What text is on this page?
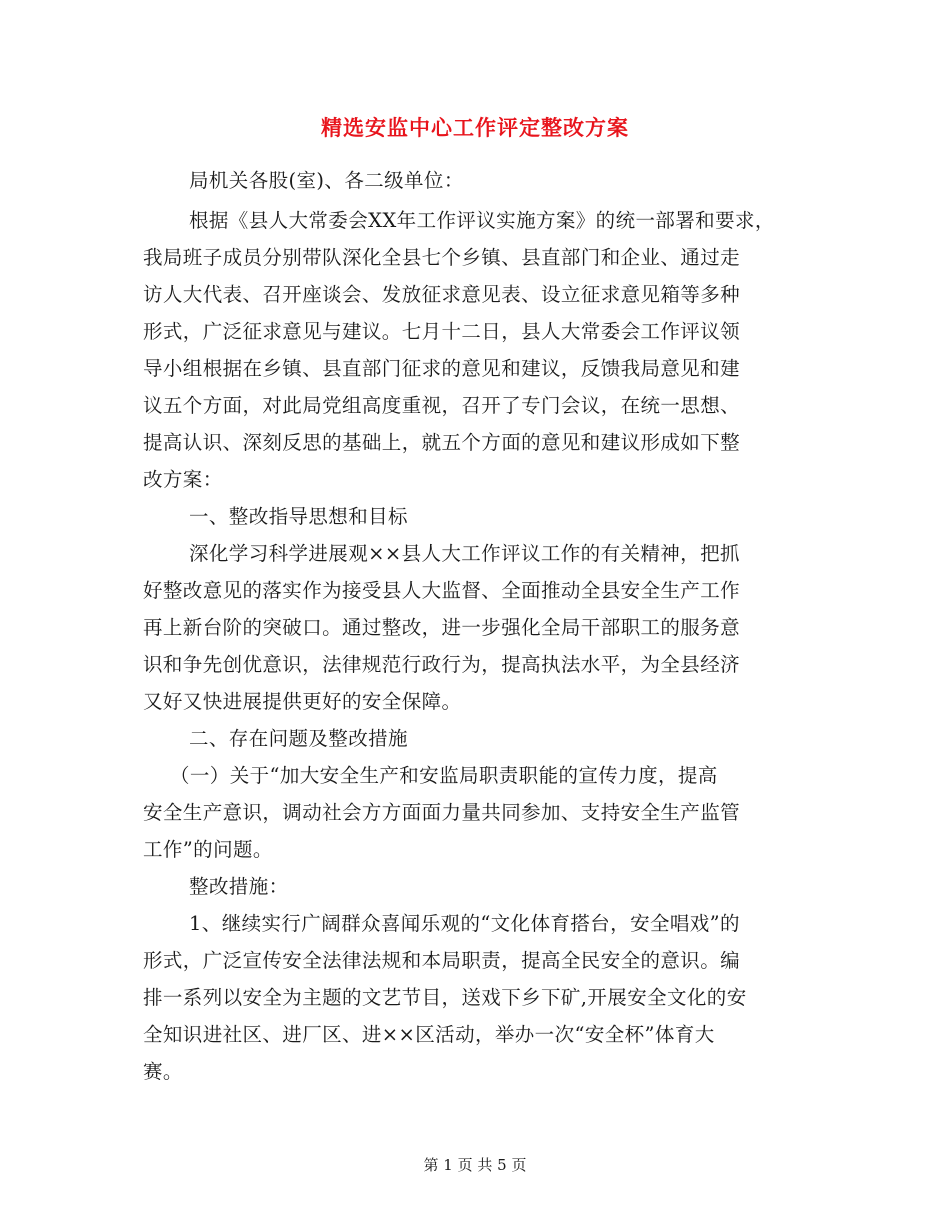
精选安监中心工作评定整改方案
局机关各股(室)、各二级单位：
根据《县人大常委会XX年工作评议实施方案》的统一部署和要求，
我局班子成员分别带队深化全县七个乡镇、县直部门和企业、通过走
访人大代表、召开座谈会、发放征求意见表、设立征求意见箱等多种
形式，广泛征求意见与建议。七月十二日，县人大常委会工作评议领
导小组根据在乡镇、县直部门征求的意见和建议，反馈我局意见和建
议五个方面，对此局党组高度重视，召开了专门会议，在统一思想、
提高认识、深刻反思的基础上，就五个方面的意见和建议形成如下整
改方案：
一、整改指导思想和目标
深化学习科学进展观××县人大工作评议工作的有关精神，把抓
好整改意见的落实作为接受县人大监督、全面推动全县安全生产工作
再上新台阶的突破口。通过整改，进一步强化全局干部职工的服务意
识和争先创优意识，法律规范行政行为，提高执法水平，为全县经济
又好又快进展提供更好的安全保障。
二、存在问题及整改措施
（一）关于“加大安全生产和安监局职责职能的宣传力度，提高
安全生产意识，调动社会方方面面力量共同参加、支持安全生产监管
工作”的问题。
整改措施：
1、继续实行广阔群众喜闻乐观的“文化体育搭台，安全唱戏”的
形式，广泛宣传安全法律法规和本局职责，提高全民安全的意识。编
排一系列以安全为主题的文艺节目，送戏下乡下矿,开展安全文化的安
全知识进社区、进厂区、进××区活动，举办一次“安全杯”体育大
赛。
第 1 页 共 5 页
